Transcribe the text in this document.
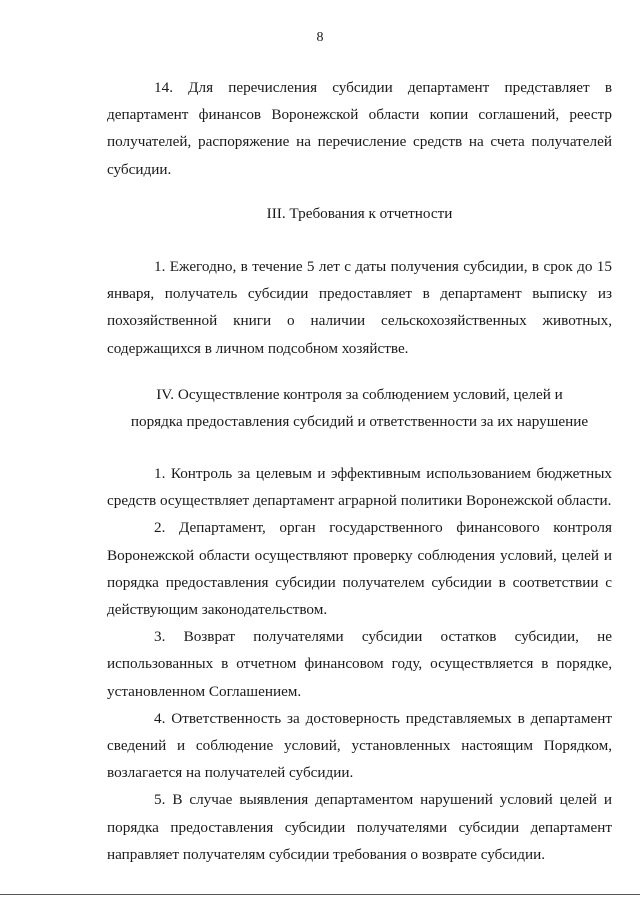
8

14. Для перечисления субсидии департамент представляет в департамент финансов Воронежской области копии соглашений, реестр получателей, распоряжение на перечисление средств на счета получателей субсидии.

III. Требования к отчетности

1. Ежегодно, в течение 5 лет с даты получения субсидии, в срок до 15 января, получатель субсидии предоставляет в департамент выписку из похозяйственной книги о наличии сельскохозяйственных животных, содержащихся в личном подсобном хозяйстве.

IV. Осуществление контроля за соблюдением условий, целей и

порядка предоставления субсидий и ответственности за их нарушение

1. Контроль за целевым и эффективным использованием бюджетных средств осуществляет департамент аграрной политики Воронежской области.

2. Департамент, орган государственного финансового контроля Воронежской области осуществляют проверку соблюдения условий, целей и порядка предоставления субсидии получателем субсидии в соответствии с действующим законодательством.

3. Возврат получателями субсидии остатков субсидии, не использованных в отчетном финансовом году, осуществляется в порядке, установленном Соглашением.

4. Ответственность за достоверность представляемых в департамент сведений и соблюдение условий, установленных настоящим Порядком, возлагается на получателей субсидии.

5. В случае выявления департаментом нарушений условий целей и порядка предоставления субсидии получателями субсидии департамент направляет получателям субсидии требования о возврате субсидии.
